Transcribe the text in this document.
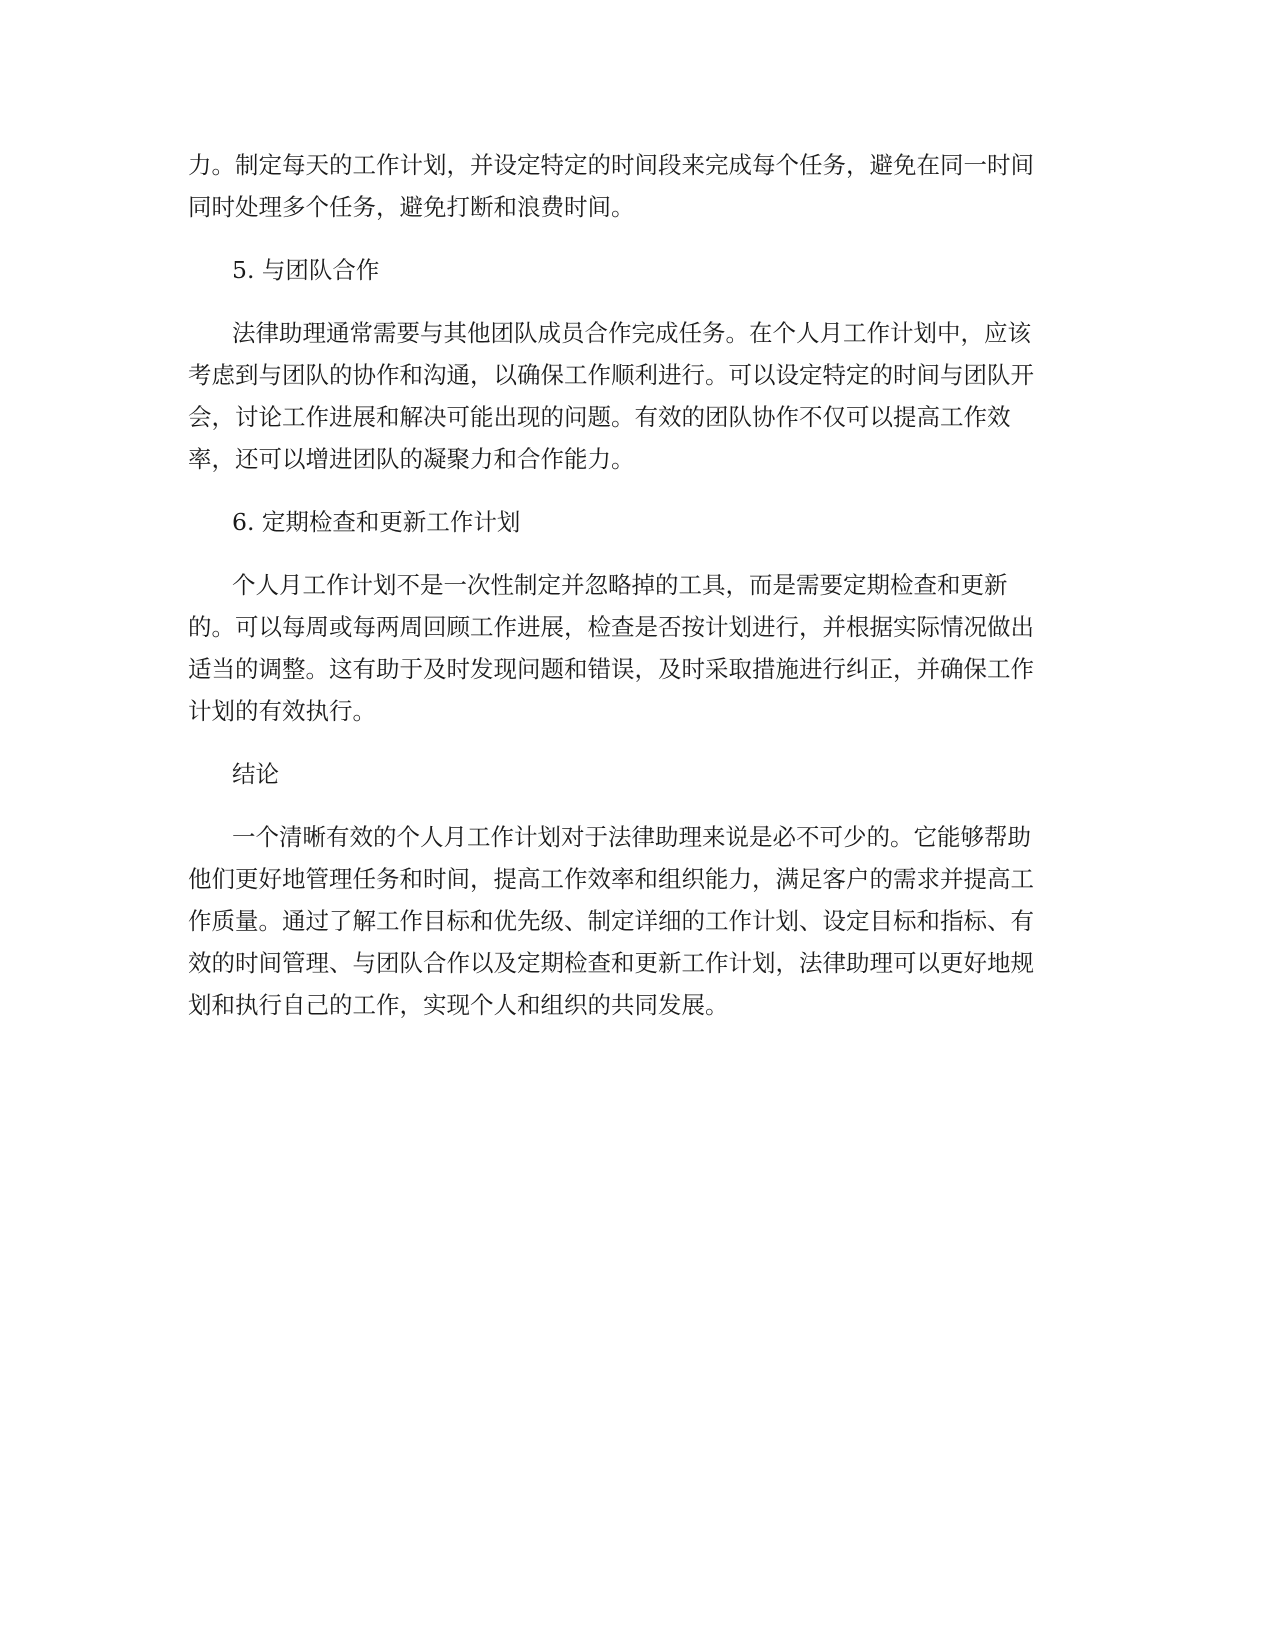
力。制定每天的工作计划，并设定特定的时间段来完成每个任务，避免在同一时间
同时处理多个任务，避免打断和浪费时间。
5. 与团队合作
法律助理通常需要与其他团队成员合作完成任务。在个人月工作计划中，应该
考虑到与团队的协作和沟通，以确保工作顺利进行。可以设定特定的时间与团队开
会，讨论工作进展和解决可能出现的问题。有效的团队协作不仅可以提高工作效
率，还可以增进团队的凝聚力和合作能力。
6. 定期检查和更新工作计划
个人月工作计划不是一次性制定并忽略掉的工具，而是需要定期检查和更新
的。可以每周或每两周回顾工作进展，检查是否按计划进行，并根据实际情况做出
适当的调整。这有助于及时发现问题和错误，及时采取措施进行纠正，并确保工作
计划的有效执行。
结论
一个清晰有效的个人月工作计划对于法律助理来说是必不可少的。它能够帮助
他们更好地管理任务和时间，提高工作效率和组织能力，满足客户的需求并提高工
作质量。通过了解工作目标和优先级、制定详细的工作计划、设定目标和指标、有
效的时间管理、与团队合作以及定期检查和更新工作计划，法律助理可以更好地规
划和执行自己的工作，实现个人和组织的共同发展。
